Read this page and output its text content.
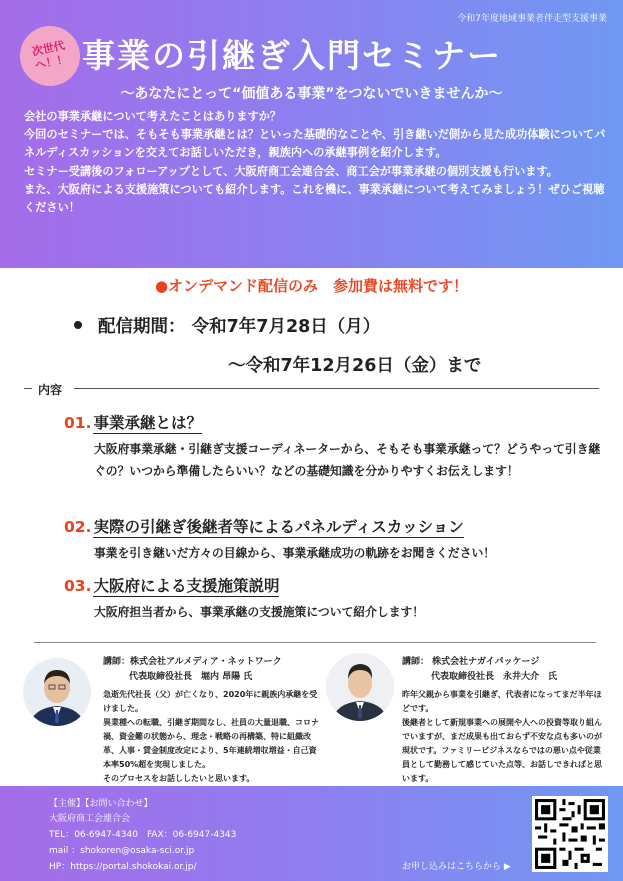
令和7年度地域事業者伴走型支援事業
次世代
へ！！ 事業の引継ぎ入門セミナー
〜あなたにとって“価値ある事業”をつないでいきませんか〜

会社の事業承継について考えたことはありますか？

今回のセミナーでは、そもそも事業承継とは？といった基礎的なことや、引き継いだ側から見た成功体験についてパネルディスカッションを交えてお話しいただき，親族内への承継事例を紹介します。

セミナー受講後のフォローアップとして、大阪府商工会連合会、商工会が事業承継の個別支援も行います。

また、大阪府による支援施策についても紹介します。これを機に、事業承継について考えてみましょう！ぜひご視聴ください！

●オンデマンド配信のみ　参加費は無料です！
配信期間： 令和7年7月28日（月）
〜令和7年12月26日（金）まで
内容
01. 事業承継とは？
大阪府事業承継・引継ぎ支援コーディネーターから、そもそも事業承継って？どうやって引き継ぐの？いつから準備したらいい？などの基礎知識を分かりやすくお伝えします！
02. 実際の引継ぎ後継者等によるパネルディスカッション
事業を引き継いだ方々の目線から、事業承継成功の軌跡をお聞きください！
03. 大阪府による支援施策説明
大阪府担当者から、事業承継の支援施策について紹介します！
講師：株式会社アルメディア・ネットワーク
代表取締役社長　堀内 昂陽 氏

急逝先代社長（父）が亡くなり、2020年に親族内承継を受けました。

異業種への転職、引継ぎ期間なし、社員の大量退職、コロナ禍、資金難の状態から、理念・戦略の再構築、特に組織改革、人事・賃金制度改定により、5年連続増収増益・自己資本率50%超を実現しました。

そのプロセスをお話ししたいと思います。

講師： 株式会社ナガイパッケージ
代表取締役社長　永井大介　氏

昨年父親から事業を引継ぎ、代表者になってまだ半年ほどです。

後継者として新規事業への展開や人への投資等取り組んでいますが、まだ成果も出ておらず不安な点も多いのが現状です。ファミリービジネスならではの悪い点や従業員として勤務して感じていた点等、お話しできればと思います。

【主催】【お問い合わせ】
大阪府商工会連合会
TEL：06-6947-4340　FAX：06-6947-4343
mail ：shokoren@osaka-sci.or.jp
HP：https://portal.shokokai.or.jp/	お申し込みはこちらから ▶
